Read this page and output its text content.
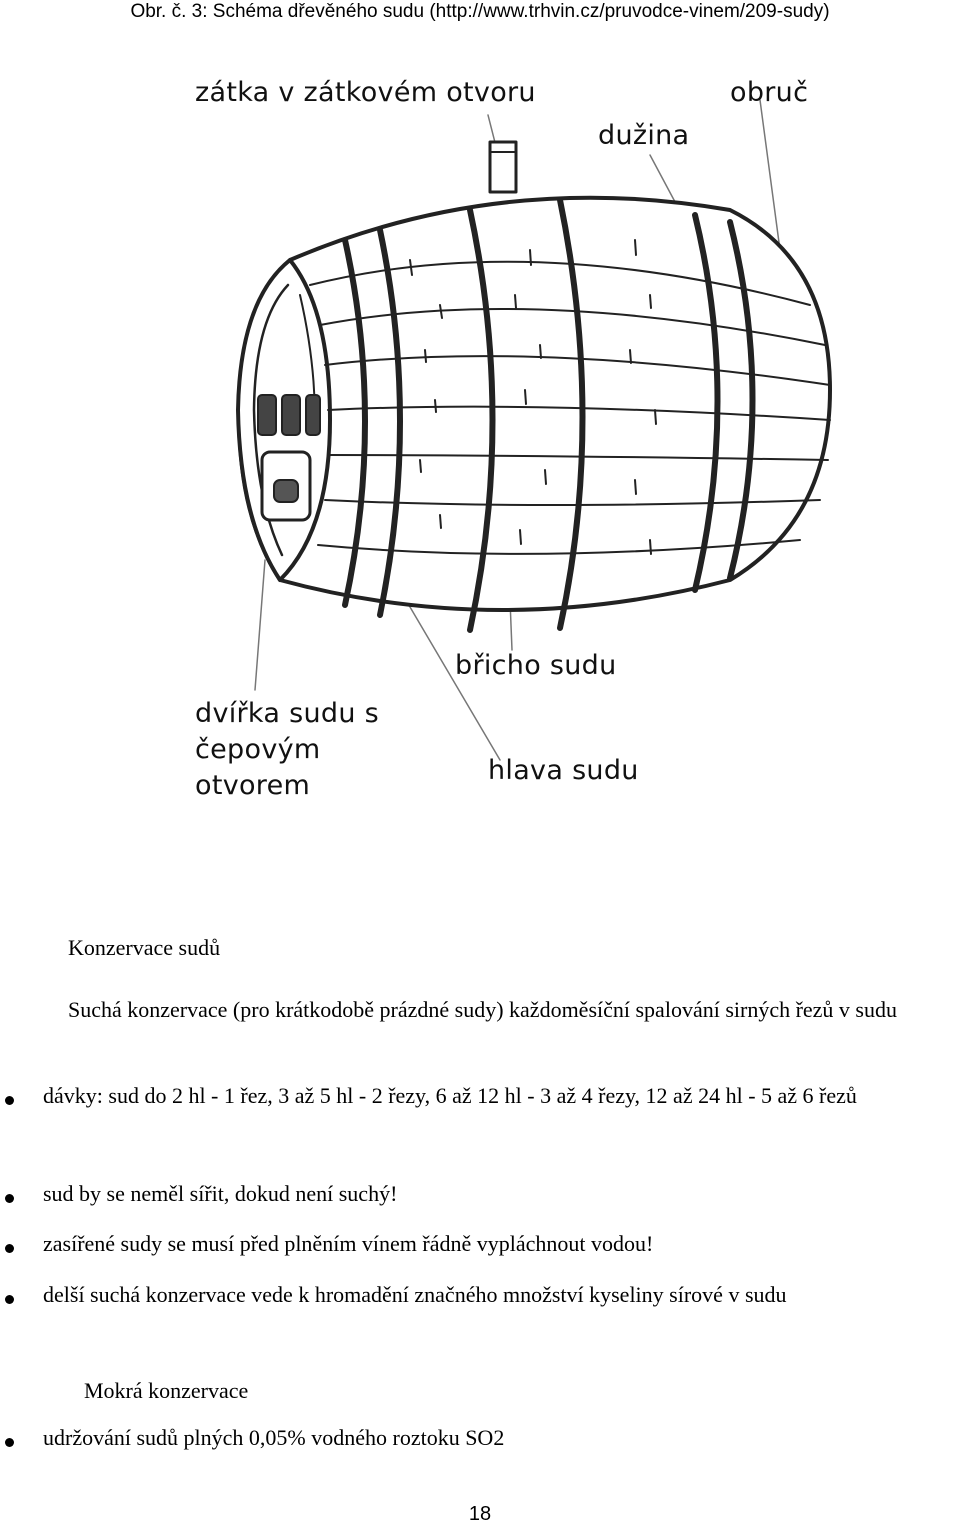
Obr. č. 3: Schéma dřevěného sudu (http://www.trhvin.cz/pruvodce-vinem/209-sudy)
zátka v zátkovém otvoru	obruč
dužina
břicho sudu
dvířka sudu s čepovým otvorem	hlava sudu
Konzervace sudů
Suchá konzervace (pro krátkodobě prázdné sudy) každoměsíční spalování sirných řezů v sudu
dávky: sud do 2 hl - 1 řez, 3 až 5 hl - 2 řezy, 6 až 12 hl - 3 až 4 řezy, 12 až 24 hl - 5 až 6 řezů
sud by se neměl sířit, dokud není suchý!
zasířené sudy se musí před plněním vínem řádně vypláchnout vodou!
delší suchá konzervace vede k hromadění značného množství kyseliny sírové v sudu
Mokrá konzervace
udržování sudů plných 0,05% vodného roztoku SO2
18
